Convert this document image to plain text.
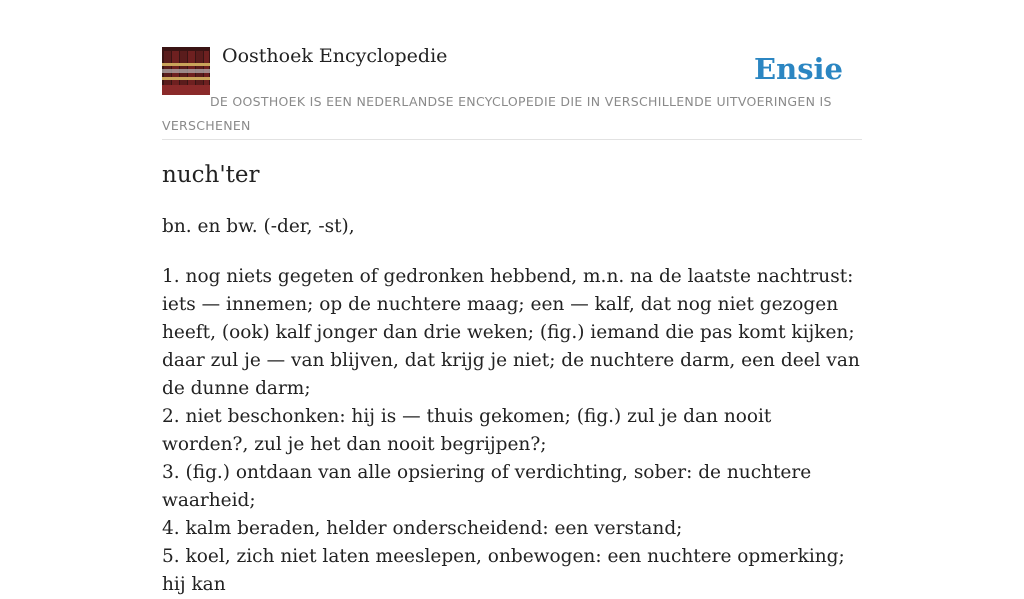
Oosthoek Encyclopedie	Ensie
DE OOSTHOEK IS EEN NEDERLANDSE ENCYCLOPEDIE DIE IN VERSCHILLENDE UITVOERINGEN IS VERSCHENEN
nuch'ter
bn. en bw. (-der, -st),

1. nog niets gegeten of gedronken hebbend, m.n. na de laatste nachtrust: iets — innemen; op de nuchtere maag; een — kalf, dat nog niet gezogen heeft, (ook) kalf jonger dan drie weken; (fig.) iemand die pas komt kijken; daar zul je — van blijven, dat krijg je niet; de nuchtere darm, een deel van de dunne darm;

2. niet beschonken: hij is — thuis gekomen; (fig.) zul je dan nooit worden?, zul je het dan nooit begrijpen?;

3. (fig.) ontdaan van alle opsiering of verdichting, sober: de nuchtere waarheid;

4. kalm beraden, helder onderscheidend: een verstand;

5. koel, zich niet laten meeslepen, onbewogen: een nuchtere opmerking; hij kan
